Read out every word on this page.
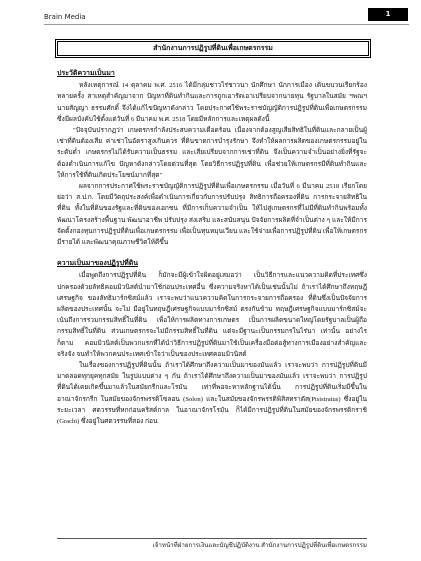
Brain Media	1
สำนักงานการปฏิรูปที่ดินเพื่อเกษตรกรรม
ประวัติความเป็นมา

หลังเหตุการณ์ 14 ตุลาคม พ.ศ. 2516 ได้มีกลุ่มชาวไร่ชาวนา นักศึกษา นักการเมือง เดินขบวนเรียกร้องหลายครั้ง สาเหตุสำคัญมาจาก ปัญหาที่ดินทำกินและการถูกเอารัดเอาเปรียบจากนายทุน รัฐบาลในสมัย ฯพณฯ นายสัญญา ธรรมศักดิ์ จึงได้แก้ไขปัญหาดังกล่าว โดยประกาศใช้พระราชบัญญัติการปฏิรูปที่ดินเพื่อเกษตรกรรม ซึ่งมีผลบังคับใช้ตั้งแต่วันที่ 6 มีนาคม พ.ศ. 2518 โดยมีหลักการและเหตุผลดังนี้

"ปัจจุบันปรากฏว่า เกษตรกรกำลังประสบความเดือดร้อน เนื่องจากต้องสูญเสียสิทธิในที่ดินและกลายเป็นผู้เช่าที่ดินต้องเสีย ค่าเช่าในอัตราสูงเกินควร ที่ดินขาดการบำรุงรักษา จึงทำให้ผลการผลิตของเกษตรกรรมอยู่ในระดับต่ำ เกษตรกรไม่ได้รับความเป็นธรรม และเสียเปรียบจากการเช่าที่ดิน จึงเป็นความจำเป็นอย่างยิ่งที่รัฐจะต้องดำเนินการแก้ไข ปัญหาดังกล่าวโดยด่วนที่สุด โดยวิธีการปฏิรูปที่ดิน เพื่อช่วยให้เกษตรกรมีที่ดินทำกินและให้การใช้ที่ดินเกิดประโยชน์มากที่สุด"

ผลจากการประกาศใช้พระราชบัญญัติการปฏิรูปที่ดินเพื่อเกษตรกรรม เมื่อวันที่ 6 มีนาคม 2518 เรียกโดยย่อว่า ส.ป.ก. โดยมีวัตถุประสงค์เพื่อดำเนินการเกี่ยวกับการปรับปรุง สิทธิการถือครองที่ดิน การกระจายสิทธิในที่ดิน ทั้งในที่ดินของรัฐและที่ดินของเอกชน ที่มีการเก็บความจำเป็น ให้ไปสู่เกษตรกรที่ไม่มีที่ดินทำกินพร้อมทั้งพัฒนาโครงสร้างพื้นฐาน พัฒนาอาชีพ ปรับปรุง ส่งเสริม และสนับสนุน ปัจจัยการผลิตที่จำเป็นต่าง ๆ และให้มีการจัดตั้งกองทุนการปฏิรูปที่ดินเพื่อเกษตรกรรม เพื่อเป็นทุนหมุนเวียน และใช้จ่ายเพื่อการปฏิรูปที่ดิน เพื่อให้เกษตรกรมีรายได้ และพัฒนาคุณภาพชีวิตให้ดีขึ้น

ความเป็นมาของปฏิรูปที่ดิน

เมื่อพูดถึงการปฏิรูปที่ดิน ก็มักจะมีผู้เข้าใจผิดอยู่เสมอว่า เป็นวิธีการและแนวความคิดที่ประเทศซึ่งปกครองด้วยลัทธิคอมมิวนิสต์นำมาใช้ก่อนประเทศอื่น ซึ่งความจริงหาได้เป็นเช่นนั้นไม่ ถ้าเราได้ศึกษาถึงทฤษฎีเศรษฐกิจ ของลัทธิมาร์กซิสม์แล้ว เราจะพบว่าแนวความคิดในการกระจายการถือครอง ที่ดินซึ่งเป็นปัจจัยการผลิตของประเทศนั้น จะไม่ มีอยู่ในทฤษฎีเศรษฐกิจแบบมาร์กซิสม์ ตรงกันข้าม ทฤษฎีเศรษฐกิจแบบมาร์กซิสม์จะเน้นถึงการรวมกรรมสิทธิ์ในที่ดิน เพื่อให้การผลิตทางการเกษตร เป็นการผลิตขนาดใหญ่โดยรัฐบาลเป็นผู้ถือกรรมสิทธิ์ในที่ดิน ส่วนเกษตรกรจะไม่มีกรรมสิทธิ์ในที่ดิน แต่จะมีฐานะเป็นกรรมกรในไร่นา เท่านั้น อย่างไรก็ตาม คอมมิวนิสต์เป็นพวกแรกที่ได้นำวิธีการปฏิรูปที่ดินมาใช้เป็นเครื่องมือต่อสู้ทางการเมืองอย่างสำคัญและจริงจัง จนทำให้พวกคนประเทศเข้าใจว่าเป็นของประเทศคอมมิวนิสต์

ในเรื่องของการปฏิรูปที่ดินนั้น ถ้าเราได้ศึกษาถึงความเป็นมาของมันแล้ว เราจะพบว่า การปฏิรูปที่ดินมีมาตลอดทุกยุคทุกสมัย ในรูปแบบต่าง ๆ กัน ถ้าเราได้ศึกษาถึงความเป็นมาของมันแล้ว เราจะพบว่า การปฏิรูปที่ดินได้เคยเกิดขึ้นมาแล้วในสมัยกรีกและโรมัน เท่าที่พอจะหาหลักฐานได้นั้น การปฏิรูปที่ดินเริ่มมีขึ้นใน อาณาจักรกรีก ในสมัยของจักรพรรดิโซลอน (Solon) และในสมัยของจักรพรรดิพิสิสทราตัส(Pisistratus) ซึ่งอยู่ในระยะเวลา ศตวรรษที่หกก่อนคริสต์กาล ในอาณาจักรโรมัน ก็ได้มีการปฏิรูปที่ดินในสมัยของจักรพรรดิกราชิ (Grachi) ซึ่งอยู่ในศตวรรษที่สอง ก่อน

เจ้าหน้าที่ฝ่ายการเงินและบัญชีปฏิบัติงาน สำนักงานการปฏิรูปที่ดินเพื่อเกษตรกรรม
